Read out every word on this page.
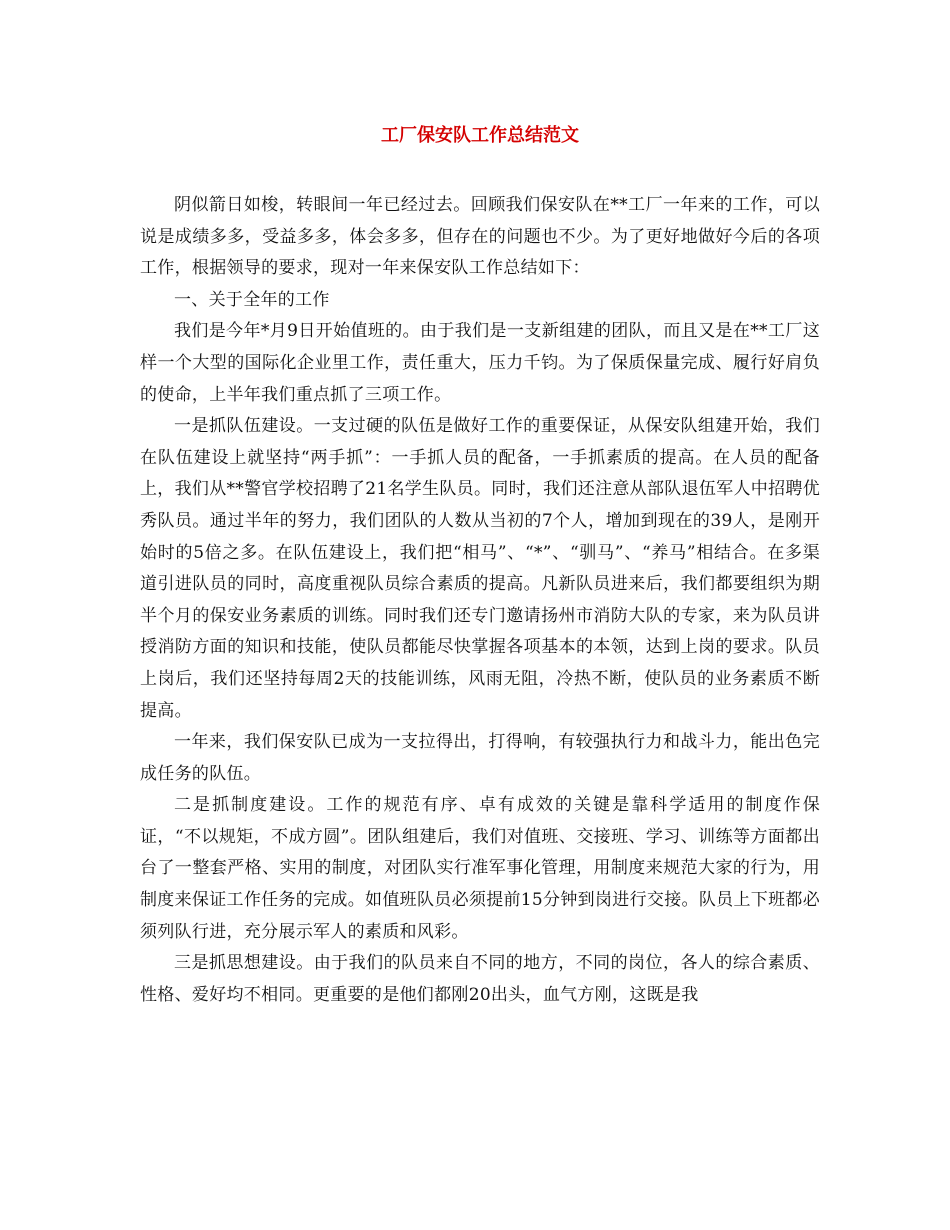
工厂保安队工作总结范文

阴似箭日如梭，转眼间一年已经过去。回顾我们保安队在**工厂一年来的工作，可以说是成绩多多，受益多多，体会多多，但存在的问题也不少。为了更好地做好今后的各项工作，根据领导的要求，现对一年来保安队工作总结如下：

一、关于全年的工作

我们是今年*月9日开始值班的。由于我们是一支新组建的团队，而且又是在**工厂这样一个大型的国际化企业里工作，责任重大，压力千钧。为了保质保量完成、履行好肩负的使命，上半年我们重点抓了三项工作。

一是抓队伍建设。一支过硬的队伍是做好工作的重要保证，从保安队组建开始，我们在队伍建设上就坚持“两手抓”：一手抓人员的配备，一手抓素质的提高。在人员的配备上，我们从**警官学校招聘了21名学生队员。同时，我们还注意从部队退伍军人中招聘优秀队员。通过半年的努力，我们团队的人数从当初的7个人，增加到现在的39人，是刚开始时的5倍之多。在队伍建设上，我们把“相马”、“*”、“驯马”、“养马”相结合。在多渠道引进队员的同时，高度重视队员综合素质的提高。凡新队员进来后，我们都要组织为期半个月的保安业务素质的训练。同时我们还专门邀请扬州市消防大队的专家，来为队员讲授消防方面的知识和技能，使队员都能尽快掌握各项基本的本领，达到上岗的要求。队员上岗后，我们还坚持每周2天的技能训练，风雨无阻，冷热不断，使队员的业务素质不断提高。

一年来，我们保安队已成为一支拉得出，打得响，有较强执行力和战斗力，能出色完成任务的队伍。

二是抓制度建设。工作的规范有序、卓有成效的关键是靠科学适用的制度作保证，“不以规矩，不成方圆”。团队组建后，我们对值班、交接班、学习、训练等方面都出台了一整套严格、实用的制度，对团队实行准军事化管理，用制度来规范大家的行为，用制度来保证工作任务的完成。如值班队员必须提前15分钟到岗进行交接。队员上下班都必须列队行进，充分展示军人的素质和风彩。

三是抓思想建设。由于我们的队员来自不同的地方，不同的岗位，各人的综合素质、性格、爱好均不相同。更重要的是他们都刚20出头，血气方刚，这既是我
